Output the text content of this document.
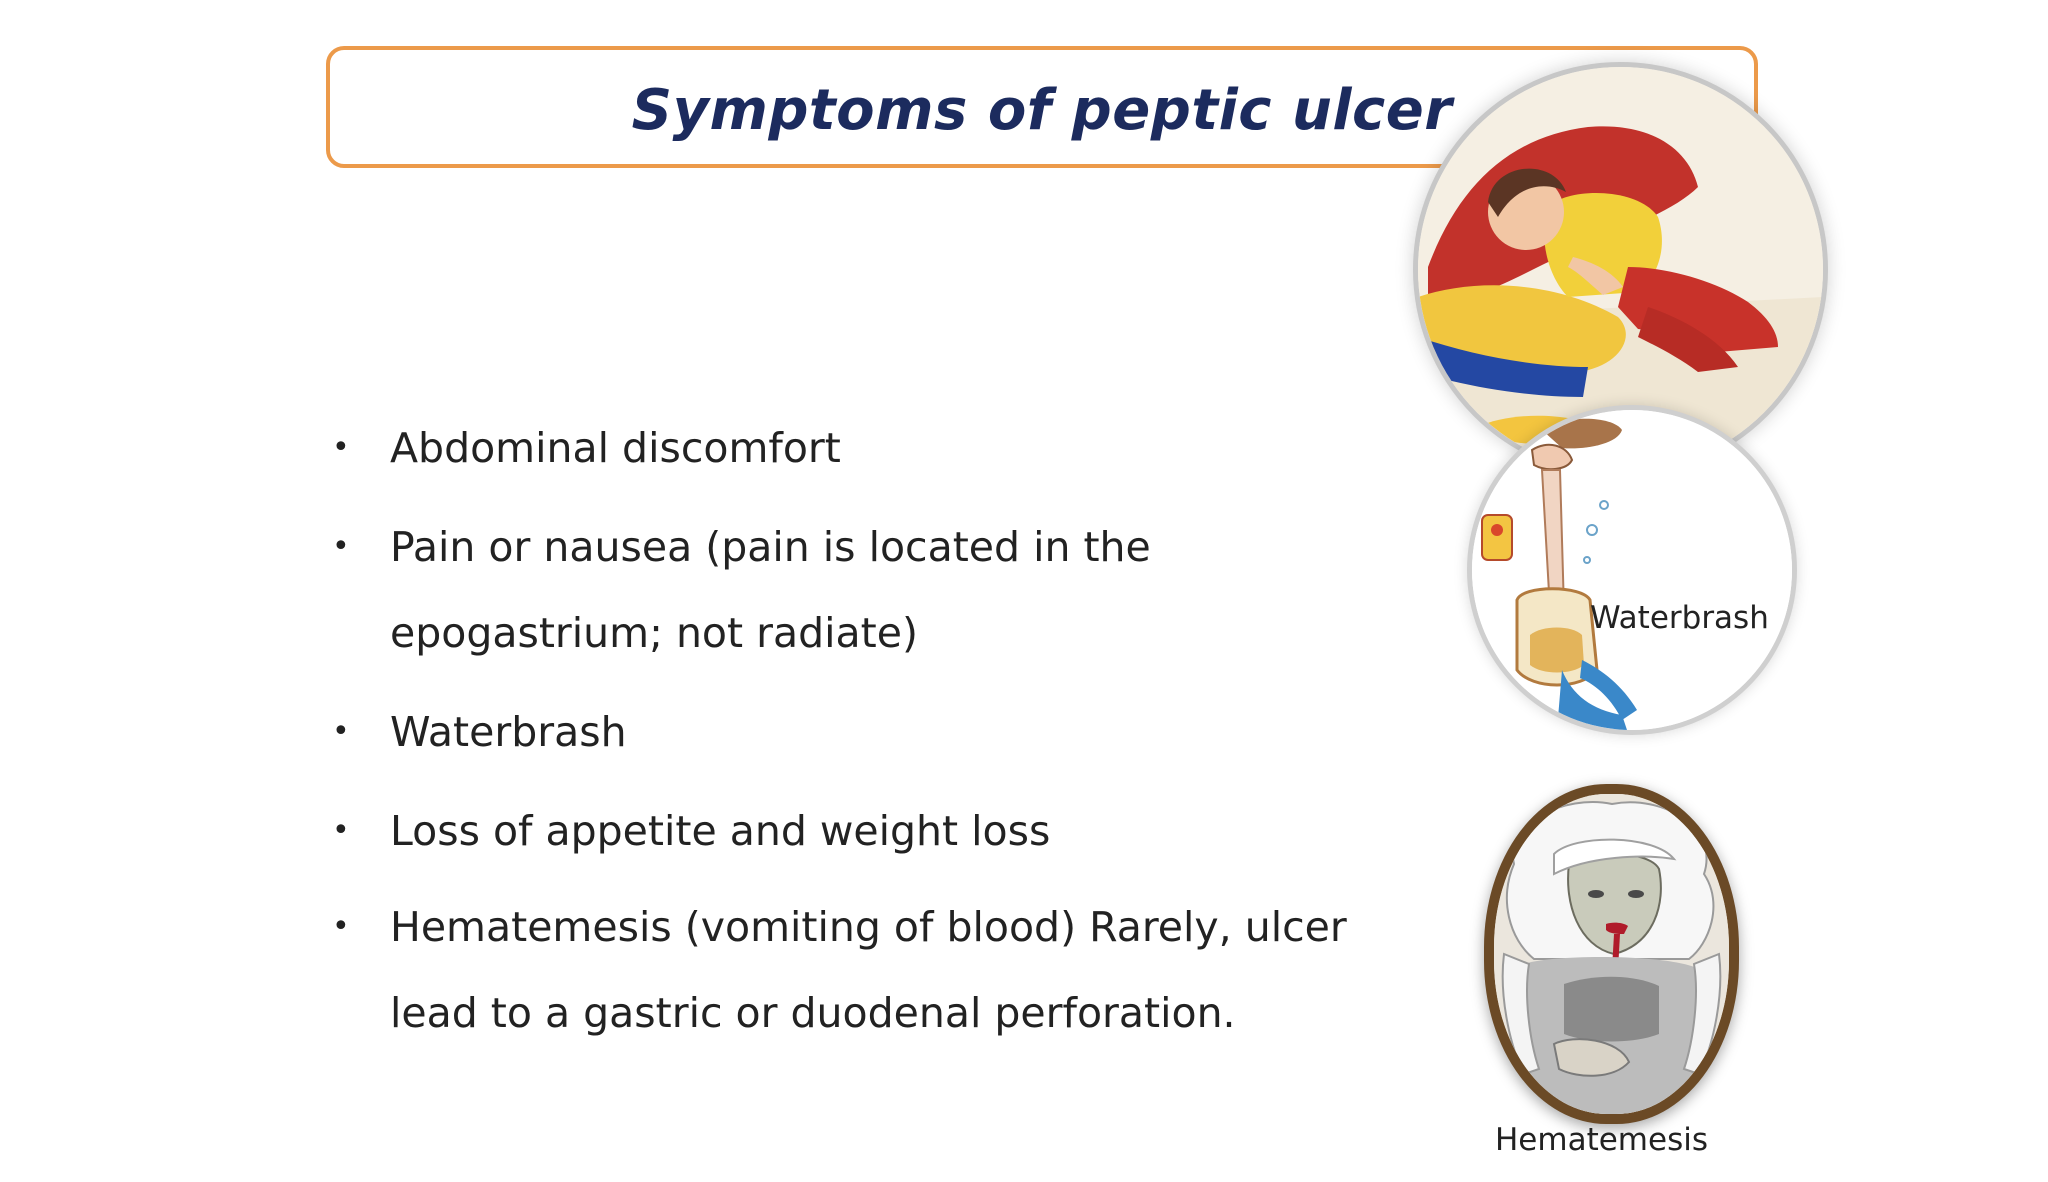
Symptoms of peptic ulcer
• Abdominal discomfort
• Pain or nausea (pain is located in the epogastrium; not radiate)
• Waterbrash
• Loss of appetite and weight loss
• Hematemesis (vomiting of blood) Rarely, ulcer lead to a gastric or duodenal perforation.
Waterbrash
Hematemesis
